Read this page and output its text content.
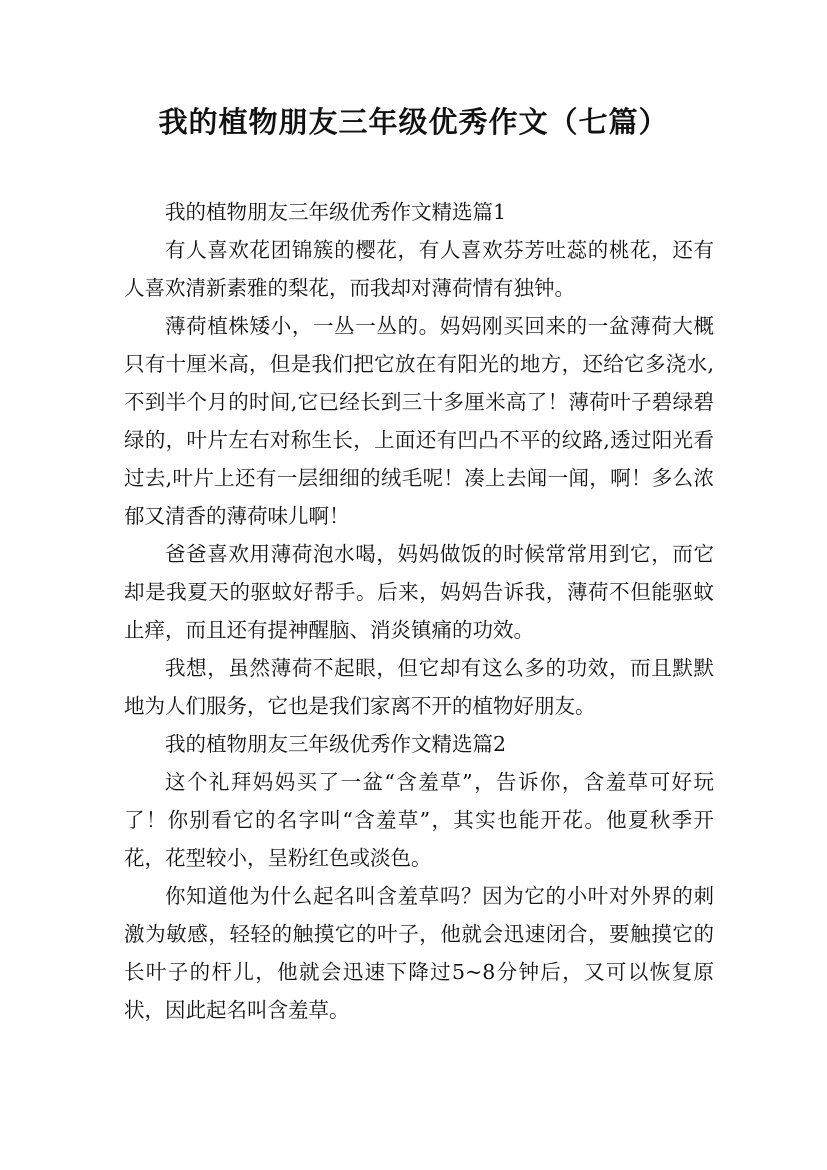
我的植物朋友三年级优秀作文（七篇）

我的植物朋友三年级优秀作文精选篇1

有人喜欢花团锦簇的樱花，有人喜欢芬芳吐蕊的桃花，还有人喜欢清新素雅的梨花，而我却对薄荷情有独钟。

薄荷植株矮小，一丛一丛的。妈妈刚买回来的一盆薄荷大概只有十厘米高，但是我们把它放在有阳光的地方，还给它多浇水,不到半个月的时间,它已经长到三十多厘米高了！薄荷叶子碧绿碧绿的，叶片左右对称生长，上面还有凹凸不平的纹路,透过阳光看过去,叶片上还有一层细细的绒毛呢！凑上去闻一闻，啊！多么浓郁又清香的薄荷味儿啊！

爸爸喜欢用薄荷泡水喝，妈妈做饭的时候常常用到它，而它却是我夏天的驱蚊好帮手。后来，妈妈告诉我，薄荷不但能驱蚊止痒，而且还有提神醒脑、消炎镇痛的功效。

我想，虽然薄荷不起眼，但它却有这么多的功效，而且默默地为人们服务，它也是我们家离不开的植物好朋友。

我的植物朋友三年级优秀作文精选篇2

这个礼拜妈妈买了一盆“含羞草”，告诉你，含羞草可好玩了！你别看它的名字叫“含羞草”，其实也能开花。他夏秋季开花，花型较小，呈粉红色或淡色。

你知道他为什么起名叫含羞草吗？因为它的小叶对外界的刺激为敏感，轻轻的触摸它的叶子，他就会迅速闭合，要触摸它的长叶子的杆儿，他就会迅速下降过5~8分钟后，又可以恢复原状，因此起名叫含羞草。
